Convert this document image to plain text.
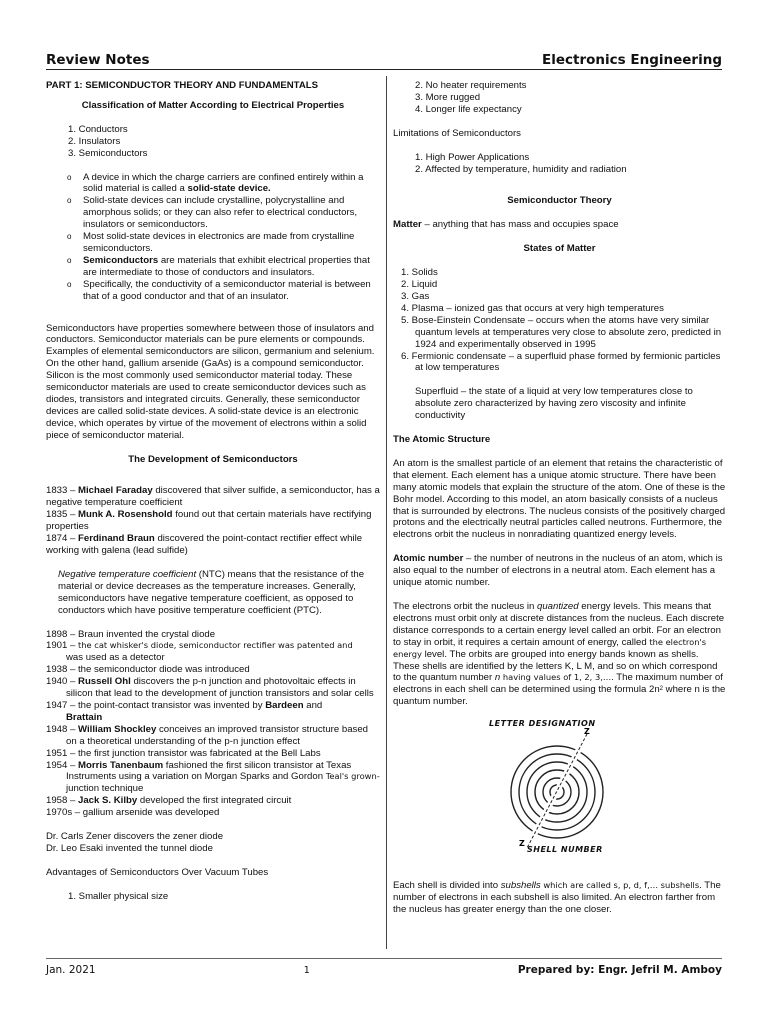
Review Notes	Electronics Engineering

PART 1: SEMICONDUCTOR THEORY AND FUNDAMENTALS

Classification of Matter According to Electrical Properties

1. Conductors

2. Insulators

3. Semiconductors

o A device in which the charge carriers are confined entirely within a solid material is called a solid-state device.
o Solid-state devices can include crystalline, polycrystalline and amorphous solids; or they can also refer to electrical conductors, insulators or semiconductors.
o Most solid-state devices in electronics are made from crystalline semiconductors.
o Semiconductors are materials that exhibit electrical properties that are intermediate to those of conductors and insulators.
o Specifically, the conductivity of a semiconductor material is between that of a good conductor and that of an insulator.

Semiconductors have properties somewhere between those of insulators and conductors. Semiconductor materials can be pure elements or compounds. Examples of elemental semiconductors are silicon, germanium and selenium. On the other hand, gallium arsenide (GaAs) is a compound semiconductor. Silicon is the most commonly used semiconductor material today. These semiconductor materials are used to create semiconductor devices such as diodes, transistors and integrated circuits. Generally, these semiconductor devices are called solid-state devices. A solid-state device is an electronic device, which operates by virtue of the movement of electrons within a solid piece of semiconductor material.

The Development of Semiconductors

1833 – Michael Faraday discovered that silver sulfide, a semiconductor, has a negative temperature coefficient

1835 – Munk A. Rosenshold found out that certain materials have rectifying properties

1874 – Ferdinand Braun discovered the point-contact rectifier effect while working with galena (lead sulfide)

Negative temperature coefficient (NTC) means that the resistance of the material or device decreases as the temperature increases. Generally, semiconductors have negative temperature coefficient, as opposed to conductors which have positive temperature coefficient (PTC).

1898 – Braun invented the crystal diode

1901 – the cat whisker's diode, semiconductor rectifier was patented and
was used as a detector

1938 – the semiconductor diode was introduced

1940 – Russell Ohl discovers the p-n junction and photovoltaic effects in silicon that lead to the development of junction transistors and solar cells

1947 – the point-contact transistor was invented by Bardeen and
Brattain

1948 – William Shockley conceives an improved transistor structure based on a theoretical understanding of the p-n junction effect

1951 – the first junction transistor was fabricated at the Bell Labs

1954 – Morris Tanenbaum fashioned the first silicon transistor at Texas Instruments using a variation on Morgan Sparks and Gordon Teal's grown-junction technique

1958 – Jack S. Kilby developed the first integrated circuit

1970s – gallium arsenide was developed

Dr. Carls Zener discovers the zener diode

Dr. Leo Esaki invented the tunnel diode

Advantages of Semiconductors Over Vacuum Tubes

1. Smaller physical size

2. No heater requirements

3. More rugged

4. Longer life expectancy

Limitations of Semiconductors

1. High Power Applications

2. Affected by temperature, humidity and radiation

Semiconductor Theory

Matter – anything that has mass and occupies space

States of Matter

1. Solids

2. Liquid

3. Gas

4. Plasma – ionized gas that occurs at very high temperatures

5. Bose-Einstein Condensate – occurs when the atoms have very similar quantum levels at temperatures very close to absolute zero, predicted in 1924 and experimentally observed in 1995

6. Fermionic condensate – a superfluid phase formed by fermionic particles at low temperatures

Superfluid – the state of a liquid at very low temperatures close to absolute zero characterized by having zero viscosity and infinite conductivity

The Atomic Structure

An atom is the smallest particle of an element that retains the characteristic of that element. Each element has a unique atomic structure. There have been many atomic models that explain the structure of the atom. One of these is the Bohr model. According to this model, an atom basically consists of a nucleus that is surrounded by electrons. The nucleus consists of the positively charged protons and the electrically neutral particles called neutrons. Furthermore, the electrons orbit the nucleus in nonradiating quantized energy levels.

Atomic number – the number of neutrons in the nucleus of an atom, which is also equal to the number of electrons in a neutral atom. Each element has a unique atomic number.

The electrons orbit the nucleus in quantized energy levels. This means that electrons must orbit only at discrete distances from the nucleus. Each discrete distance corresponds to a certain energy level called an orbit. For an electron to stay in orbit, it requires a certain amount of energy, called the electron's energy level. The orbits are grouped into energy bands known as shells. These shells are identified by the letters K, L M, and so on which correspond to the quantum number n having values of 1, 2, 3,…. The maximum number of electrons in each shell can be determined using the formula $2n^2$ where n is the quantum number.

Z
Z
LETTER DESIGNATION
SHELL NUMBER

Each shell is divided into subshells which are called s, p, d, f,… subshells. The number of electrons in each subshell is also limited. An electron farther from the nucleus has greater energy than the one closer.

Jan. 2021	1	Prepared by: Engr. Jefril M. Amboy
